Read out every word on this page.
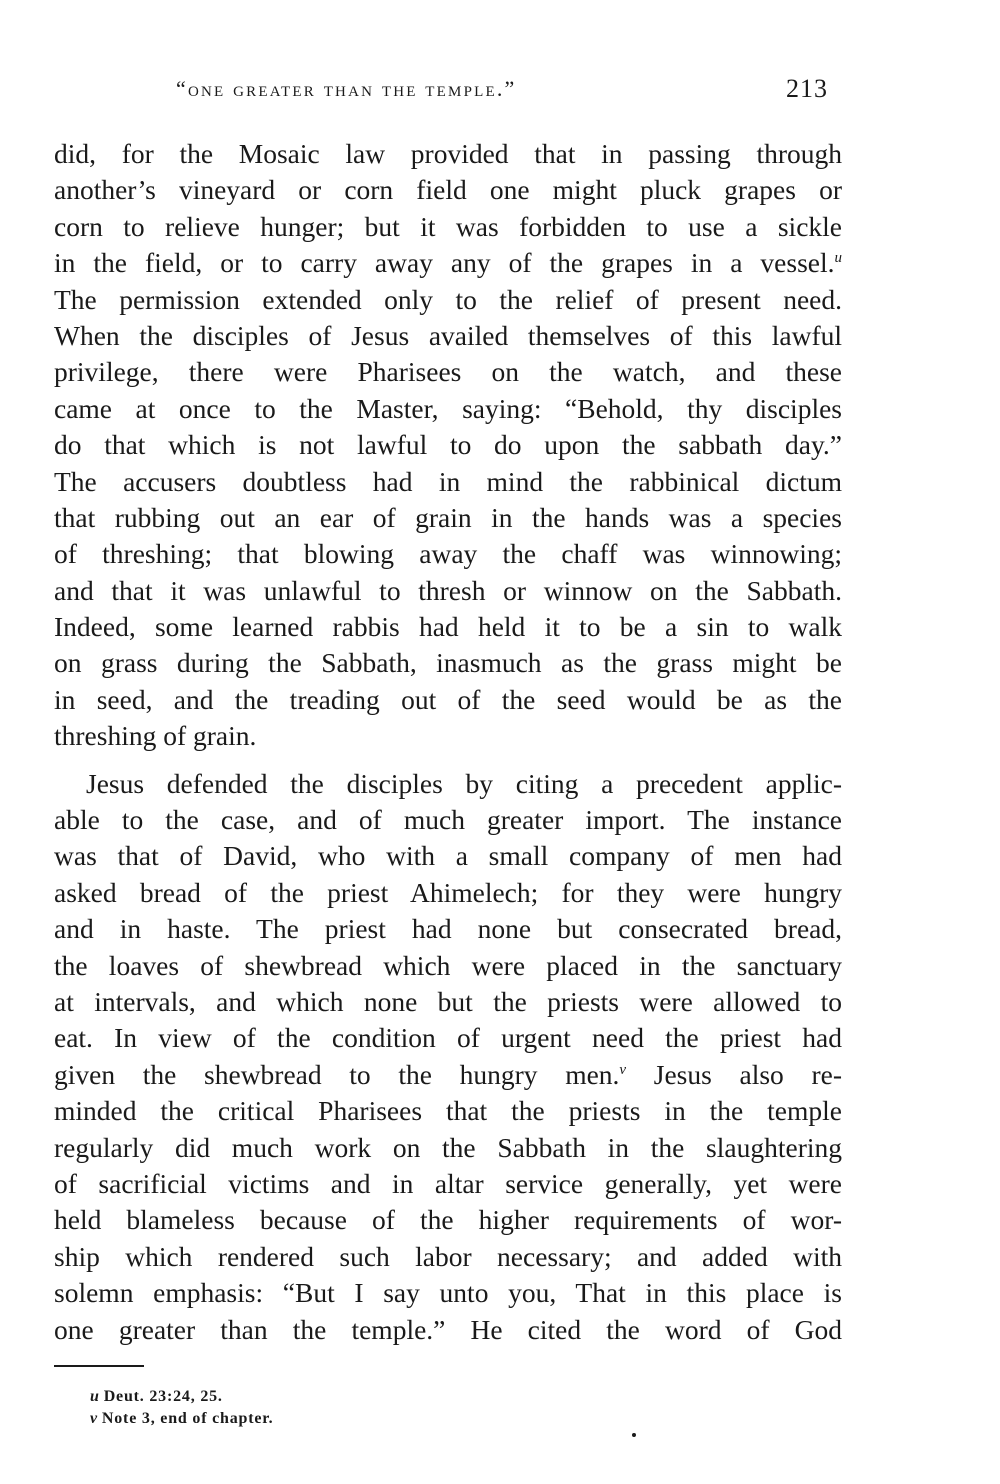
“one greater than the temple.”	213
did, for the Mosaic law provided that in passing through
another’s vineyard or corn field one might pluck grapes or
corn to relieve hunger; but it was forbidden to use a sickle
in the field, or to carry away any of the grapes in a vessel.$^u$
The permission extended only to the relief of present need.
When the disciples of Jesus availed themselves of this lawful
privilege, there were Pharisees on the watch, and these
came at once to the Master, saying: “Behold, thy disciples
do that which is not lawful to do upon the sabbath day.”
The accusers doubtless had in mind the rabbinical dictum
that rubbing out an ear of grain in the hands was a species
of threshing; that blowing away the chaff was winnowing;
and that it was unlawful to thresh or winnow on the Sabbath.
Indeed, some learned rabbis had held it to be a sin to walk
on grass during the Sabbath, inasmuch as the grass might be
in seed, and the treading out of the seed would be as the
threshing of grain.
Jesus defended the disciples by citing a precedent applic-
able to the case, and of much greater import. The instance
was that of David, who with a small company of men had
asked bread of the priest Ahimelech; for they were hungry
and in haste. The priest had none but consecrated bread,
the loaves of shewbread which were placed in the sanctuary
at intervals, and which none but the priests were allowed to
eat. In view of the condition of urgent need the priest had
given the shewbread to the hungry men.$^v$ Jesus also re-
minded the critical Pharisees that the priests in the temple
regularly did much work on the Sabbath in the slaughtering
of sacrificial victims and in altar service generally, yet were
held blameless because of the higher requirements of wor-
ship which rendered such labor necessary; and added with
solemn emphasis: “But I say unto you, That in this place is
one greater than the temple.” He cited the word of God
u Deut. 23:24, 25.
v Note 3, end of chapter.
